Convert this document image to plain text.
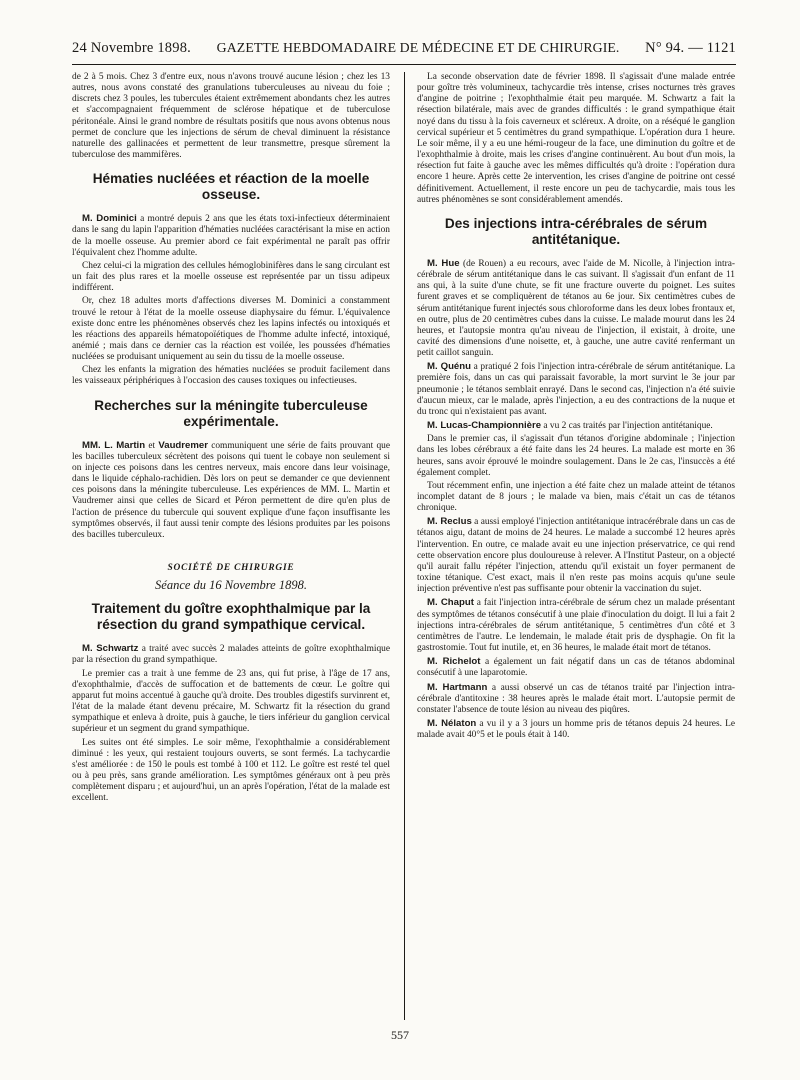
24 Novembre 1898. GAZETTE HEBDOMADAIRE DE MÉDECINE ET DE CHIRURGIE. N° 94. — 1121

de 2 à 5 mois. Chez 3 d'entre eux, nous n'avons trouvé aucune lésion ; chez les 13 autres, nous avons constaté des granulations tuberculeuses au niveau du foie ; discrets chez 3 poules, les tubercules étaient extrêmement abondants chez les autres et s'accompagnaient fréquemment de sclérose hépatique et de tuberculose péritonéale. Ainsi le grand nombre de résultats positifs que nous avons obtenus nous permet de conclure que les injections de sérum de cheval diminuent la résistance naturelle des gallinacées et permettent de leur transmettre, presque sûrement la tuberculose des mammifères.

Hématies nucléées et réaction de la moelle osseuse.

M. Dominici a montré depuis 2 ans que les états toxi-infectieux déterminaient dans le sang du lapin l'apparition d'hématies nucléées caractérisant la mise en action de la moelle osseuse. Au premier abord ce fait expérimental ne paraît pas offrir l'équivalent chez l'homme adulte.

Chez celui-ci la migration des cellules hémoglobinifères dans le sang circulant est un fait des plus rares et la moelle osseuse est représentée par un tissu adipeux indifférent.

Or, chez 18 adultes morts d'affections diverses M. Dominici a constamment trouvé le retour à l'état de la moelle osseuse diaphysaire du fémur. L'équivalence existe donc entre les phénomènes observés chez les lapins infectés ou intoxiqués et les réactions des appareils hématopoïétiques de l'homme adulte infecté, intoxiqué, anémié ; mais dans ce dernier cas la réaction est voilée, les poussées d'hématies nucléées se produisant uniquement au sein du tissu de la moelle osseuse.

Chez les enfants la migration des hématies nucléées se produit facilement dans les vaisseaux périphériques à l'occasion des causes toxiques ou infectieuses.

Recherches sur la méningite tuberculeuse expérimentale.

MM. L. Martin et Vaudremer communiquent une série de faits prouvant que les bacilles tuberculeux sécrètent des poisons qui tuent le cobaye non seulement si on injecte ces poisons dans les centres nerveux, mais encore dans leur voisinage, dans le liquide céphalo-rachidien. Dès lors on peut se demander ce que deviennent ces poisons dans la méningite tuberculeuse. Les expériences de MM. L. Martin et Vaudremer ainsi que celles de Sicard et Péron permettent de dire qu'en plus de l'action de présence du tubercule qui souvent explique d'une façon insuffisante les symptômes observés, il faut aussi tenir compte des lésions produites par les poisons des bacilles tuberculeux.

SOCIÉTÉ DE CHIRURGIE
Séance du 16 Novembre 1898.
Traitement du goître exophthalmique par la résection du grand sympathique cervical.

M. Schwartz a traité avec succès 2 malades atteints de goître exophthalmique par la résection du grand sympathique.

Le premier cas a trait à une femme de 23 ans, qui fut prise, à l'âge de 17 ans, d'exophthalmie, d'accès de suffocation et de battements de cœur. Le goître qui apparut fut moins accentué à gauche qu'à droite. Des troubles digestifs survinrent et, l'état de la malade étant devenu précaire, M. Schwartz fit la résection du grand sympathique et enleva à droite, puis à gauche, le tiers inférieur du ganglion cervical supérieur et un segment du grand sympathique.

Les suites ont été simples. Le soir même, l'exophthalmie a considérablement diminué : les yeux, qui restaient toujours ouverts, se sont fermés. La tachycardie s'est améliorée : de 150 le pouls est tombé à 100 et 112. Le goître est resté tel quel ou à peu près, sans grande amélioration. Les symptômes généraux ont à peu près complètement disparu ; et aujourd'hui, un an après l'opération, l'état de la malade est excellent.

La seconde observation date de février 1898. Il s'agissait d'une malade entrée pour goître très volumineux, tachycardie très intense, crises nocturnes très graves d'angine de poitrine ; l'exophthalmie était peu marquée. M. Schwartz a fait la résection bilatérale, mais avec de grandes difficultés : le grand sympathique était noyé dans du tissu à la fois caverneux et scléreux. A droite, on a réséqué le ganglion cervical supérieur et 5 centimètres du grand sympathique. L'opération dura 1 heure. Le soir même, il y a eu une hémi-rougeur de la face, une diminution du goître et de l'exophthalmie à droite, mais les crises d'angine continuèrent. Au bout d'un mois, la résection fut faite à gauche avec les mêmes difficultés qu'à droite : l'opération dura encore 1 heure. Après cette 2e intervention, les crises d'angine de poitrine ont cessé définitivement. Actuellement, il reste encore un peu de tachycardie, mais tous les autres phénomènes se sont considérablement amendés.

Des injections intra-cérébrales de sérum antitétanique.

M. Hue (de Rouen) a eu recours, avec l'aide de M. Nicolle, à l'injection intra-cérébrale de sérum antitétanique dans le cas suivant. Il s'agissait d'un enfant de 11 ans qui, à la suite d'une chute, se fit une fracture ouverte du poignet. Les suites furent graves et se compliquèrent de tétanos au 6e jour. Six centimètres cubes de sérum antitétanique furent injectés sous chloroforme dans les deux lobes frontaux et, en outre, plus de 20 centimètres cubes dans la cuisse. Le malade mourut dans les 24 heures, et l'autopsie montra qu'au niveau de l'injection, il existait, à droite, une cavité des dimensions d'une noisette, et, à gauche, une autre cavité renfermant un petit caillot sanguin.

M. Quénu a pratiqué 2 fois l'injection intra-cérébrale de sérum antitétanique. La première fois, dans un cas qui paraissait favorable, la mort survint le 3e jour par pneumonie ; le tétanos semblait enrayé. Dans le second cas, l'injection n'a été suivie d'aucun mieux, car le malade, après l'injection, a eu des contractions de la nuque et du tronc qui n'existaient pas avant.

M. Lucas-Championnière a vu 2 cas traités par l'injection antitétanique.

Dans le premier cas, il s'agissait d'un tétanos d'origine abdominale ; l'injection dans les lobes cérébraux a été faite dans les 24 heures. La malade est morte en 36 heures, sans avoir éprouvé le moindre soulagement. Dans le 2e cas, l'insuccès a été également complet.

Tout récemment enfin, une injection a été faite chez un malade atteint de tétanos incomplet datant de 8 jours ; le malade va bien, mais c'était un cas de tétanos chronique.

M. Reclus a aussi employé l'injection antitétanique intracérébrale dans un cas de tétanos aigu, datant de moins de 24 heures. Le malade a succombé 12 heures après l'intervention. En outre, ce malade avait eu une injection préservatrice, ce qui rend cette observation encore plus douloureuse à relever. A l'Institut Pasteur, on a objecté qu'il aurait fallu répéter l'injection, attendu qu'il existait un foyer permanent de toxine tétanique. C'est exact, mais il n'en reste pas moins acquis qu'une seule injection préventive n'est pas suffisante pour obtenir la vaccination du sujet.

M. Chaput a fait l'injection intra-cérébrale de sérum chez un malade présentant des symptômes de tétanos consécutif à une plaie d'inoculation du doigt. Il lui a fait 2 injections intra-cérébrales de sérum antitétanique, 5 centimètres d'un côté et 3 centimètres de l'autre. Le lendemain, le malade était pris de dysphagie. On fit la gastrostomie. Tout fut inutile, et, en 36 heures, le malade était mort de tétanos.

M. Richelot a également un fait négatif dans un cas de tétanos abdominal consécutif à une laparotomie.

M. Hartmann a aussi observé un cas de tétanos traité par l'injection intra-cérébrale d'antitoxine : 38 heures après le malade était mort. L'autopsie permit de constater l'absence de toute lésion au niveau des piqûres.

M. Nélaton a vu il y a 3 jours un homme pris de tétanos depuis 24 heures. Le malade avait 40°5 et le pouls était à 140.

557
